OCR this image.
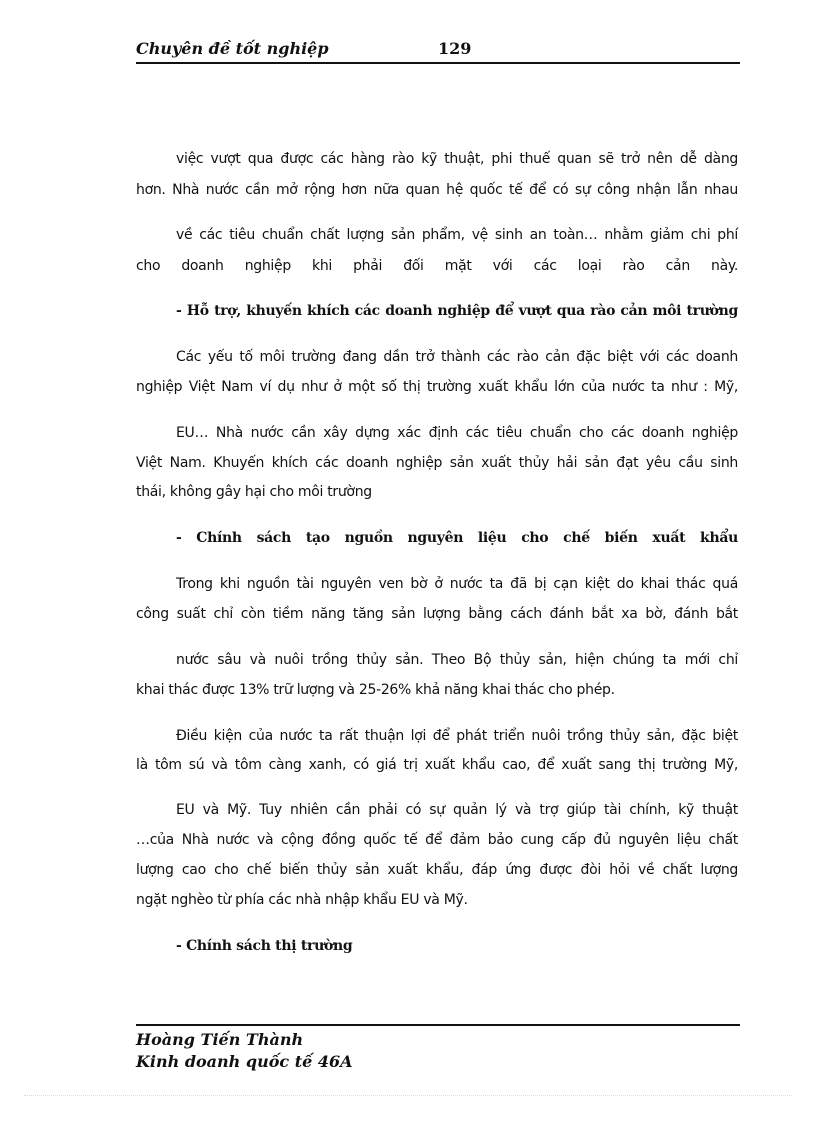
Chuyên đề tốt nghiệp	129
việc vượt qua được các hàng rào kỹ thuật, phi thuế quan sẽ trở nên dễ dàng
hơn. Nhà nước cần mở rộng hơn nữa quan hệ quốc tế để có sự công nhận lẫn nhau
về các tiêu chuẩn chất lượng sản phẩm, vệ sinh an toàn… nhằm giảm chi phí
cho doanh nghiệp khi phải đối mặt với các loại rào cản này.
- Hỗ trợ, khuyến khích các doanh nghiệp để vượt qua rào cản môi trường
Các yếu tố môi trường đang dần trở thành các rào cản đặc biệt với các doanh
nghiệp Việt Nam ví dụ như ở một số thị trường xuất khẩu lớn của nước ta như : Mỹ,
EU… Nhà nước cần xây dựng xác định các tiêu chuẩn cho các doanh nghiệp
Việt Nam. Khuyến khích các doanh nghiệp sản xuất thủy hải sản đạt yêu cầu sinh
thái, không gây hại cho môi trường
- Chính sách tạo nguồn nguyên liệu cho chế biến xuất khẩu
Trong khi nguồn tài nguyên ven bờ ở nước ta đã bị cạn kiệt do khai thác quá
công suất chỉ còn tiềm năng tăng sản lượng bằng cách đánh bắt xa bờ, đánh bắt
nước sâu và nuôi trồng thủy sản. Theo Bộ thủy sản, hiện chúng ta mới chỉ
khai thác được 13% trữ lượng và 25-26% khả năng khai thác cho phép.
Điều kiện của nước ta rất thuận lợi để phát triển nuôi trồng thủy sản, đặc biệt
là tôm sú và tôm càng xanh, có giá trị xuất khẩu cao, để xuất sang thị trường Mỹ,
EU và Mỹ. Tuy nhiên cần phải có sự quản lý và trợ giúp tài chính, kỹ thuật
…của Nhà nước và cộng đồng quốc tế để đảm bảo cung cấp đủ nguyên liệu chất
lượng cao cho chế biến thủy sản xuất khẩu, đáp ứng được đòi hỏi về chất lượng
ngặt nghèo từ phía các nhà nhập khẩu EU và Mỹ.
- Chính sách thị trường
Hoàng Tiến Thành
Kinh doanh quốc tế 46A
